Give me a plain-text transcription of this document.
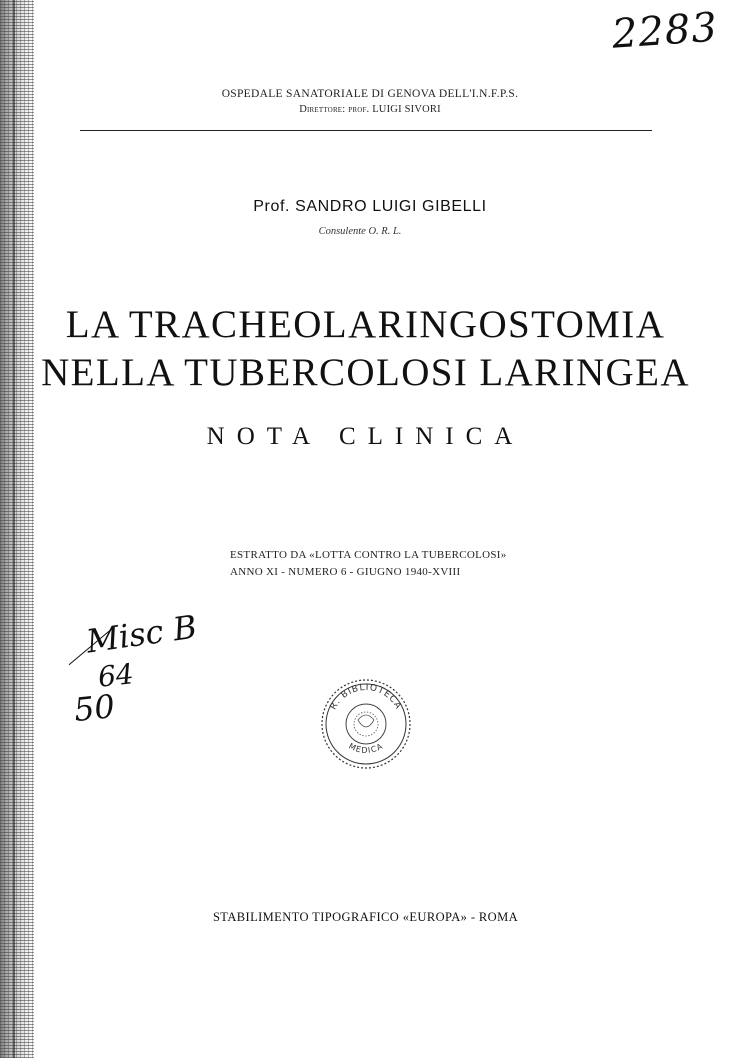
2283
OSPEDALE SANATORIALE DI GENOVA DELL'I.N.F.P.S.
Direttore: prof. LUIGI SIVORI
Prof. SANDRO LUIGI GIBELLI
Consulente O. R. L.
LA TRACHEOLARINGOSTOMIA
NELLA TUBERCOLOSI LARINGEA
NOTA CLINICA
ESTRATTO DA «LOTTA CONTRO LA TUBERCOLOSI»
ANNO XI - NUMERO 6 - GIUGNO 1940-XVIII
Misc B
64
50	R. BIBLIOTECA
MEDICA
STABILIMENTO TIPOGRAFICO «EUROPA» - ROMA
